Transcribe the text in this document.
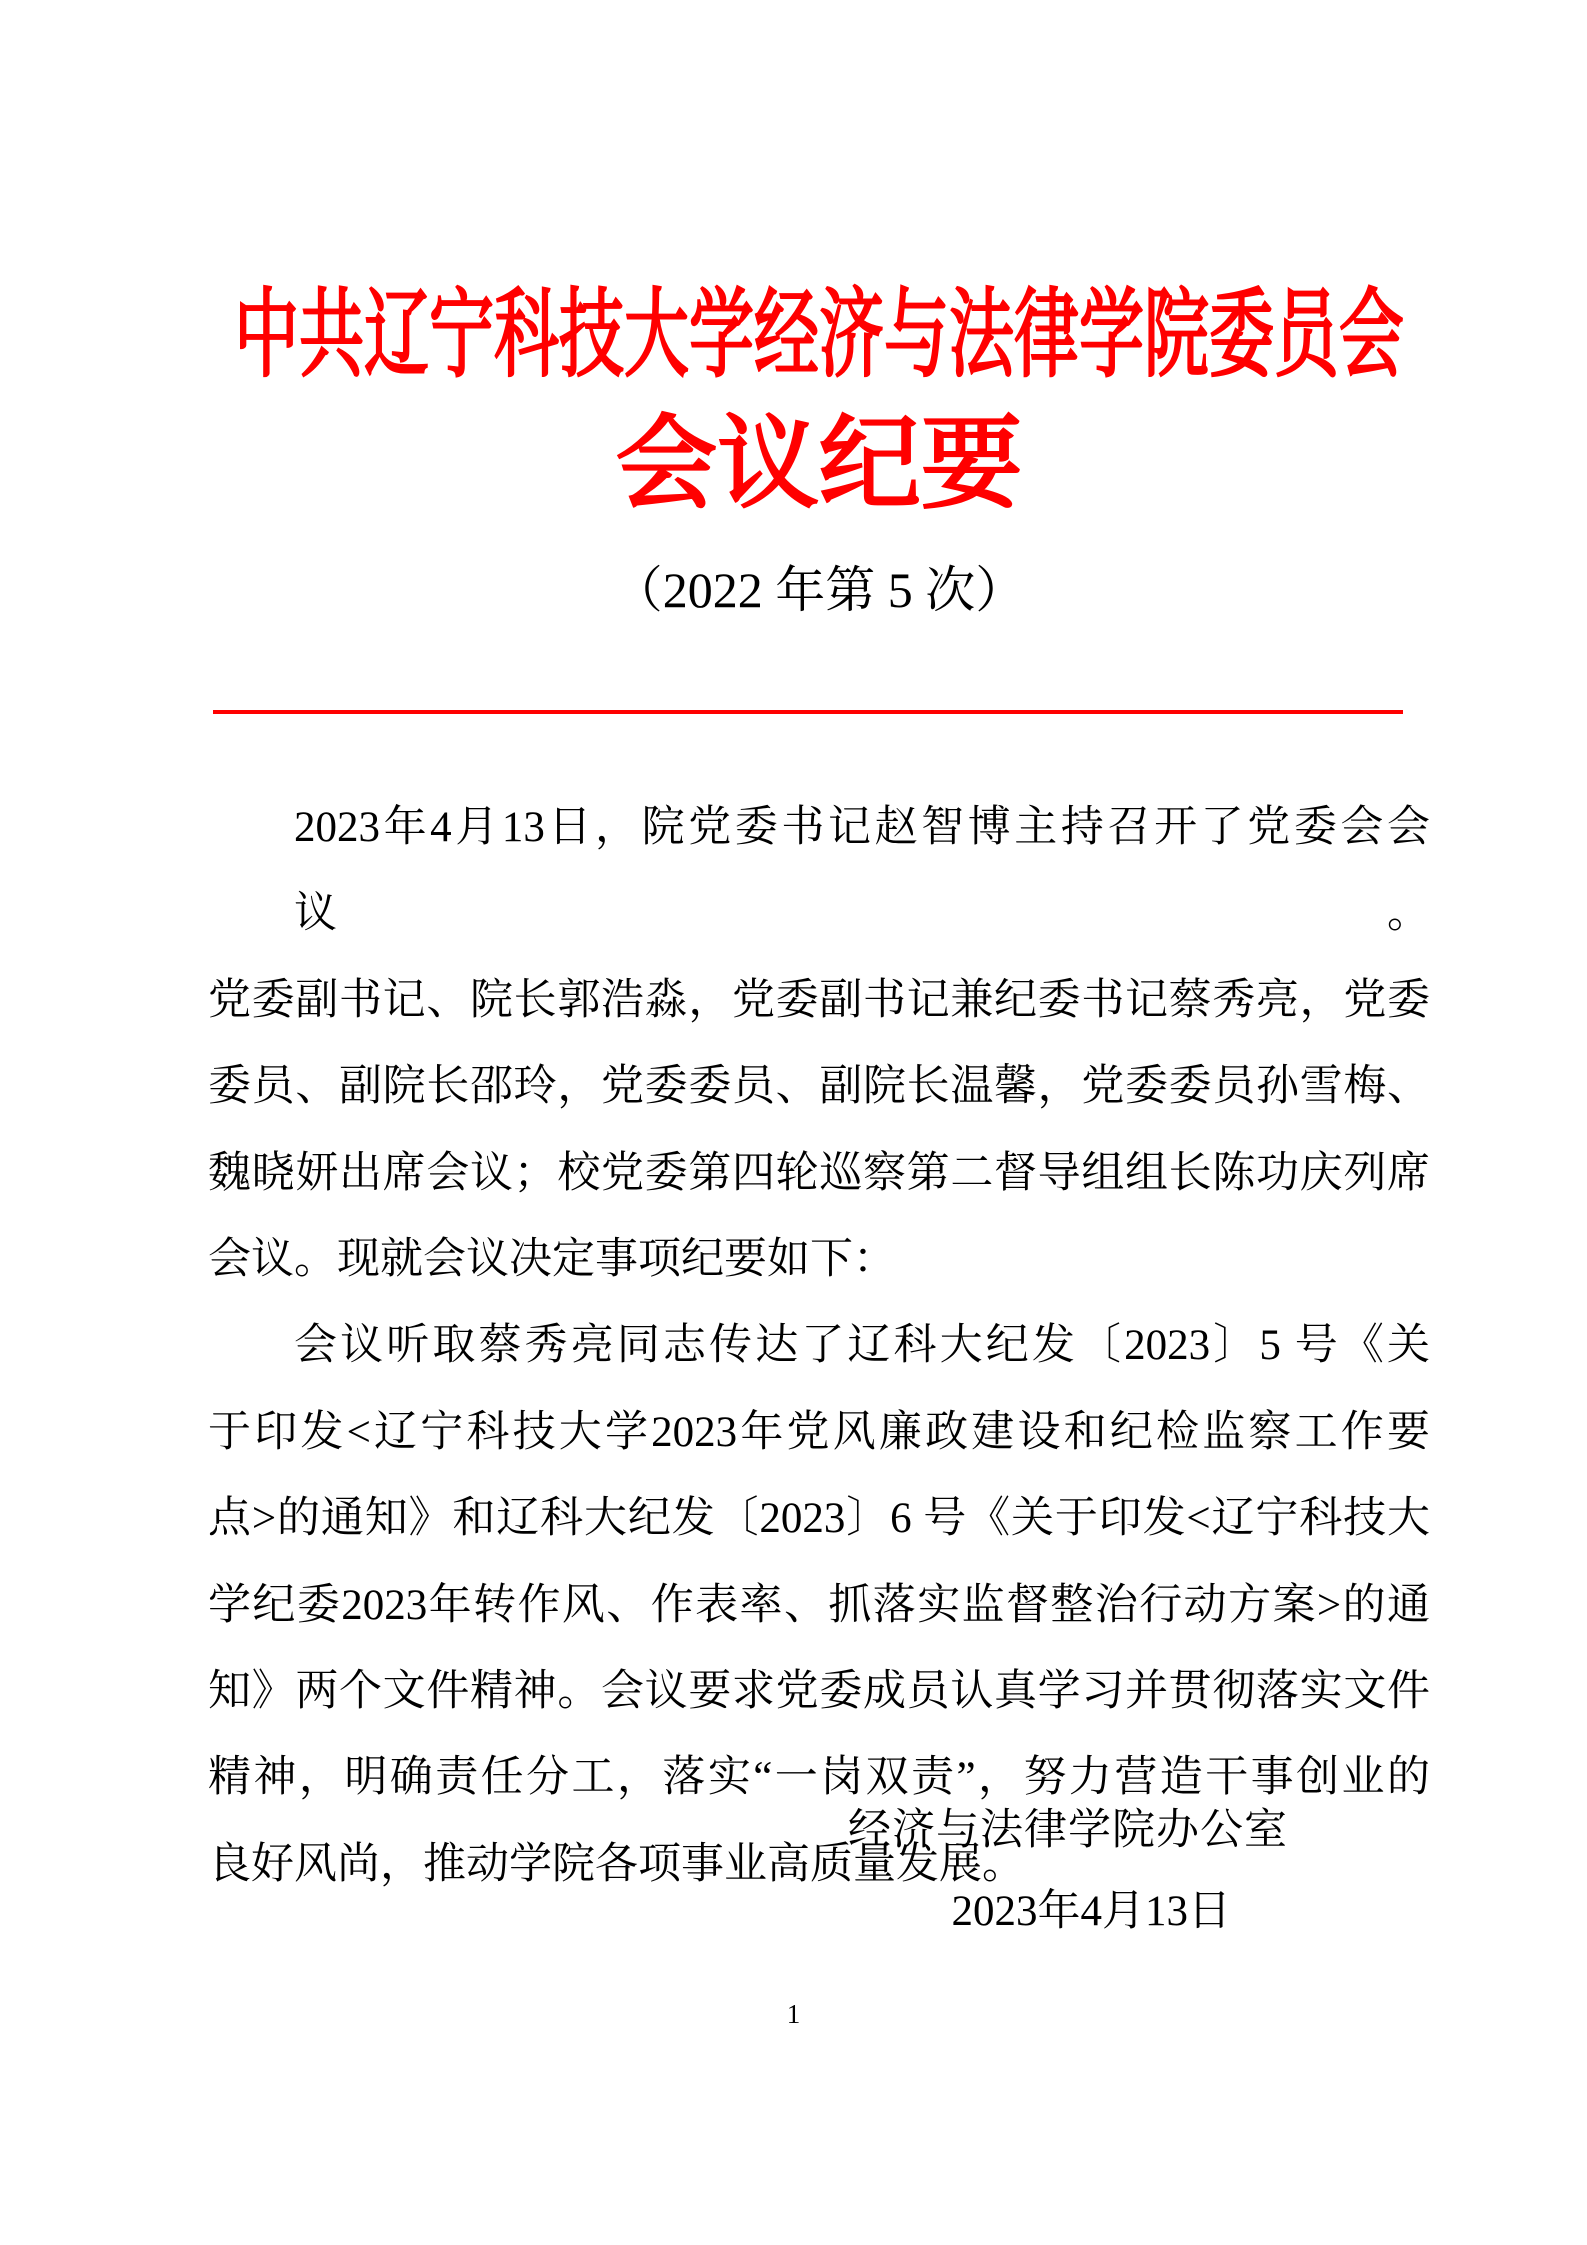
中共辽宁科技大学经济与法律学院委员会
会 议 纪 要
（2022 年第 5 次）
2023年4月13日，院党委书记赵智博主持召开了党委会会议。
党委副书记、院长郭浩淼，党委副书记兼纪委书记蔡秀亮，党委
委员、副院长邵玲，党委委员、副院长温馨，党委委员孙雪梅、
魏晓妍出席会议；校党委第四轮巡察第二督导组组长陈功庆列席
会议。现就会议决定事项纪要如下：
会议听取蔡秀亮同志传达了辽科大纪发〔2023〕5 号《关
于印发<辽宁科技大学2023年党风廉政建设和纪检监察工作要
点>的通知》和辽科大纪发〔2023〕6 号《关于印发<辽宁科技大
学纪委2023年转作风、作表率、抓落实监督整治行动方案>的通
知》两个文件精神。会议要求党委成员认真学习并贯彻落实文件
精神，明确责任分工，落实“一岗双责”，努力营造干事创业的
良好风尚，推动学院各项事业高质量发展。
经济与法律学院办公室
2023年4月13日
1
